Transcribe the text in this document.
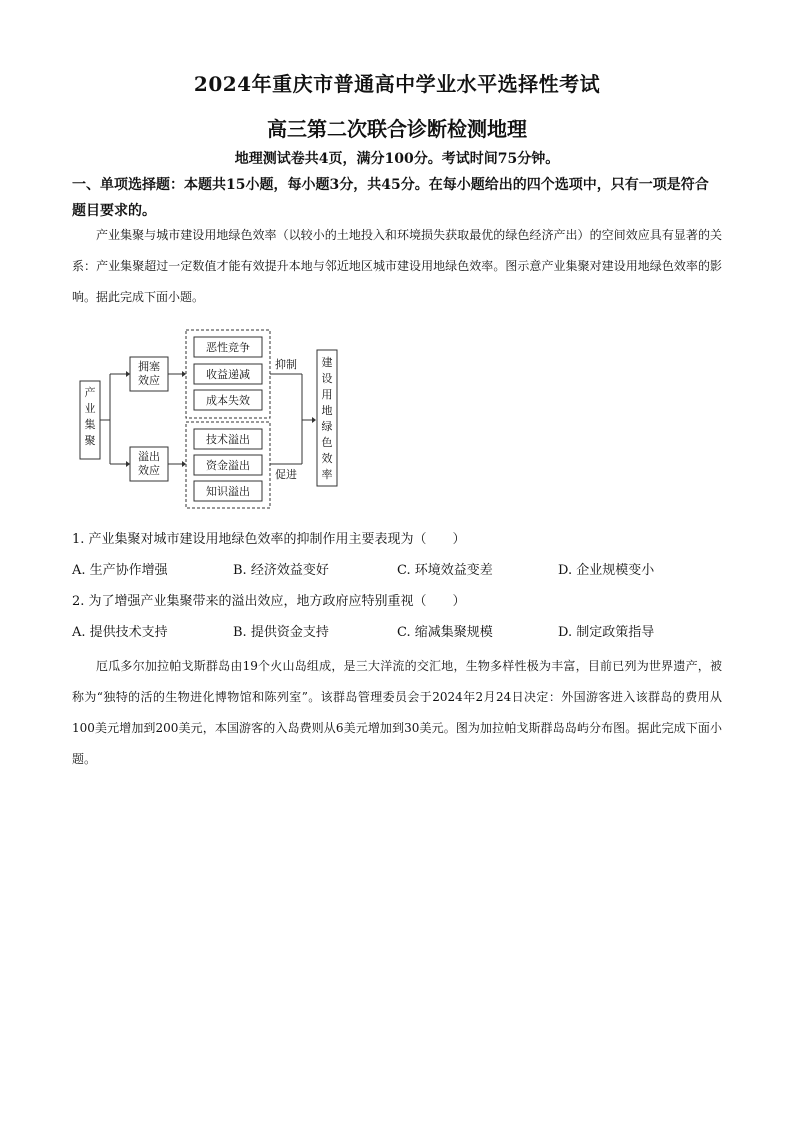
2024年重庆市普通高中学业水平选择性考试
高三第二次联合诊断检测地理
地理测试卷共4页，满分100分。考试时间75分钟。
一、单项选择题：本题共15小题，每小题3分，共45分。在每小题给出的四个选项中，只有一项是符合题目要求的。
产业集聚与城市建设用地绿色效率（以较小的土地投入和环境损失获取最优的绿色经济产出）的空间效应具有显著的关系：产业集聚超过一定数值才能有效提升本地与邻近地区城市建设用地绿色效率。图示意产业集聚对建设用地绿色效率的影响。据此完成下面小题。
产
业
集
聚
拥塞
效应
溢出
效应
恶性竞争
收益递减
成本失效
技术溢出
资金溢出
知识溢出
抑制
促进
建
设
用
地
绿
色
效
率
1. 产业集聚对城市建设用地绿色效率的抑制作用主要表现为（　　）
A. 生产协作增强	B. 经济效益变好	C. 环境效益变差	D. 企业规模变小
2. 为了增强产业集聚带来的溢出效应，地方政府应特别重视（　　）
A. 提供技术支持	B. 提供资金支持	C. 缩减集聚规模	D. 制定政策指导
厄瓜多尔加拉帕戈斯群岛由19个火山岛组成，是三大洋流的交汇地，生物多样性极为丰富，目前已列为世界遗产，被称为“独特的活的生物进化博物馆和陈列室”。该群岛管理委员会于2024年2月24日决定：外国游客进入该群岛的费用从100美元增加到200美元，本国游客的入岛费则从6美元增加到30美元。图为加拉帕戈斯群岛岛屿分布图。据此完成下面小题。
